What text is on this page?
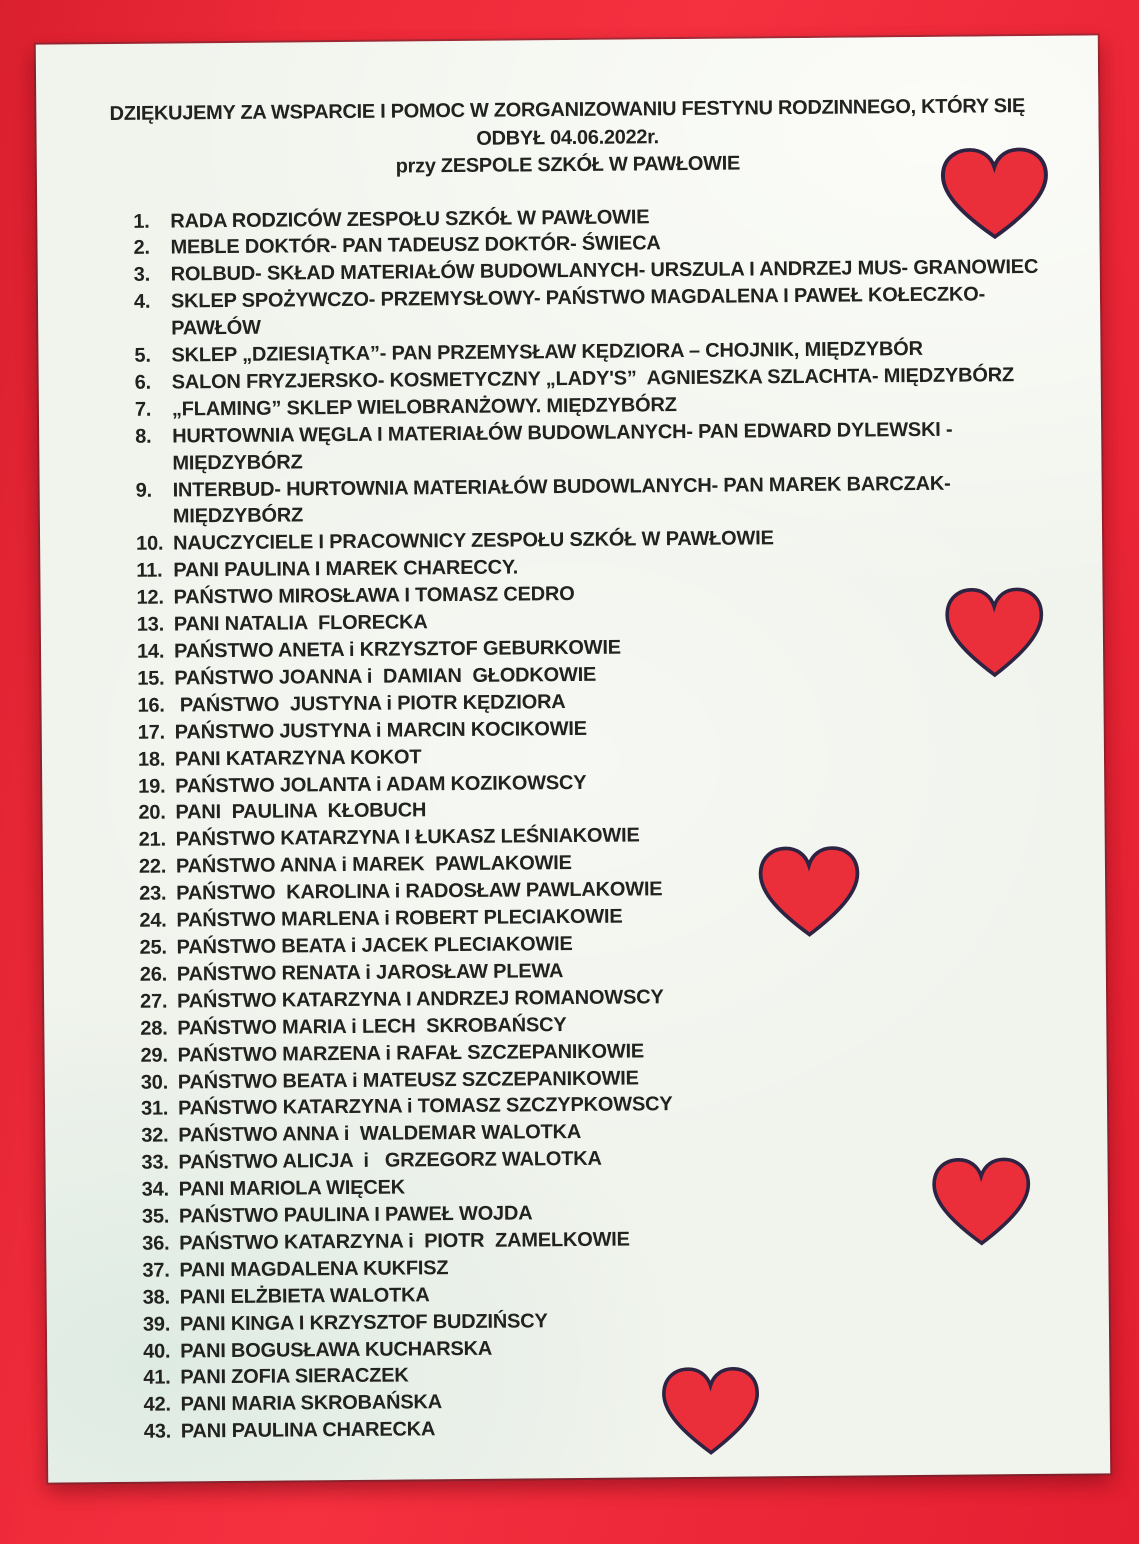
DZIĘKUJEMY ZA WSPARCIE I POMOC W ZORGANIZOWANIU FESTYNU RODZINNEGO, KTÓRY SIĘ
ODBYŁ 04.06.2022r.
przy ZESPOLE SZKÓŁ W PAWŁOWIE
1.	RADA RODZICÓW ZESPOŁU SZKÓŁ W PAWŁOWIE
2.	MEBLE DOKTÓR- PAN TADEUSZ DOKTÓR- ŚWIECA
3.	ROLBUD- SKŁAD MATERIAŁÓW BUDOWLANYCH- URSZULA I ANDRZEJ MUS- GRANOWIEC
4.	SKLEP SPOŻYWCZO- PRZEMYSŁOWY- PAŃSTWO MAGDALENA I PAWEŁ KOŁECZKO-
PAWŁÓW
5.	SKLEP „DZIESIĄTKA”- PAN PRZEMYSŁAW KĘDZIORA – CHOJNIK, MIĘDZYBÓR
6.	SALON FRYZJERSKO- KOSMETYCZNY „LADY'S”  AGNIESZKA SZLACHTA- MIĘDZYBÓRZ
7.	„FLAMING” SKLEP WIELOBRANŻOWY. MIĘDZYBÓRZ
8.	HURTOWNIA WĘGLA I MATERIAŁÓW BUDOWLANYCH- PAN EDWARD DYLEWSKI -
MIĘDZYBÓRZ
9.	INTERBUD- HURTOWNIA MATERIAŁÓW BUDOWLANYCH- PAN MAREK BARCZAK-
MIĘDZYBÓRZ
10. NAUCZYCIELE I PRACOWNICY ZESPOŁU SZKÓŁ W PAWŁOWIE
11. PANI PAULINA I MAREK CHARECCY.
12. PAŃSTWO MIROSŁAWA I TOMASZ CEDRO
13. PANI NATALIA  FLORECKA
14. PAŃSTWO ANETA i KRZYSZTOF GEBURKOWIE
15. PAŃSTWO JOANNA i  DAMIAN  GŁODKOWIE
16. PAŃSTWO  JUSTYNA i PIOTR KĘDZIORA
17. PAŃSTWO JUSTYNA i MARCIN KOCIKOWIE
18. PANI KATARZYNA KOKOT
19. PAŃSTWO JOLANTA i ADAM KOZIKOWSCY
20. PANI  PAULINA  KŁOBUCH
21. PAŃSTWO KATARZYNA I ŁUKASZ LEŚNIAKOWIE
22. PAŃSTWO ANNA i MAREK  PAWLAKOWIE
23. PAŃSTWO  KAROLINA i RADOSŁAW PAWLAKOWIE
24. PAŃSTWO MARLENA i ROBERT PLECIAKOWIE
25. PAŃSTWO BEATA i JACEK PLECIAKOWIE
26. PAŃSTWO RENATA i JAROSŁAW PLEWA
27. PAŃSTWO KATARZYNA I ANDRZEJ ROMANOWSCY
28. PAŃSTWO MARIA i LECH  SKROBAŃSCY
29. PAŃSTWO MARZENA i RAFAŁ SZCZEPANIKOWIE
30. PAŃSTWO BEATA i MATEUSZ SZCZEPANIKOWIE
31. PAŃSTWO KATARZYNA i TOMASZ SZCZYPKOWSCY
32. PAŃSTWO ANNA i  WALDEMAR WALOTKA
33. PAŃSTWO ALICJA  i   GRZEGORZ WALOTKA
34. PANI MARIOLA WIĘCEK
35. PAŃSTWO PAULINA I PAWEŁ WOJDA
36. PAŃSTWO KATARZYNA i  PIOTR  ZAMELKOWIE
37. PANI MAGDALENA KUKFISZ
38. PANI ELŻBIETA WALOTKA
39. PANI KINGA I KRZYSZTOF BUDZIŃSCY
40. PANI BOGUSŁAWA KUCHARSKA
41. PANI ZOFIA SIERACZEK
42. PANI MARIA SKROBAŃSKA
43. PANI PAULINA CHARECKA
